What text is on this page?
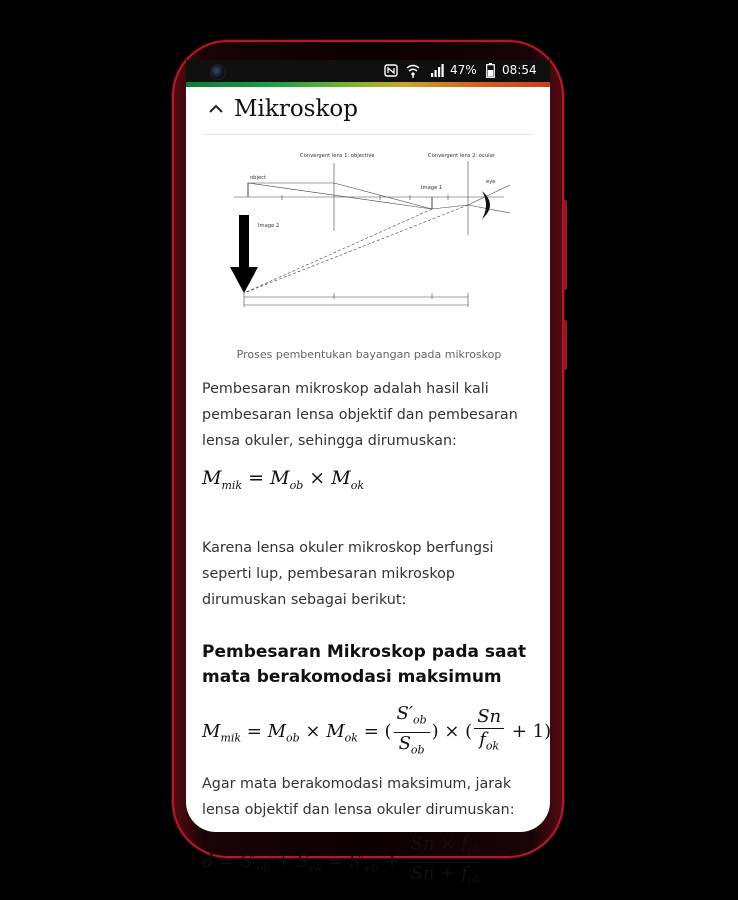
47% 08:54
Mikroskop
Convergent lens 1: objective	Convergent lens 2: ocular
object
Image 1
Image 2
eye
Proses pembentukan bayangan pada mikroskop
Pembesaran mikroskop adalah hasil kali pembesaran lensa objektif dan pembesaran lensa okuler, sehingga dirumuskan:
$M_{mik} = M_{ob} \times M_{ok}$
Karena lensa okuler mikroskop berfungsi seperti lup, pembesaran mikroskop dirumuskan sebagai berikut:
Pembesaran Mikroskop pada saat mata berakomodasi maksimum
$M_{mik} = M_{ob} \times M_{ok}$ = ( $\frac{S'_{ob}}{S_{ob}}$ ) × ( $\frac{Sn}{f_{ok}} + 1$)
Agar mata berakomodasi maksimum, jarak lensa objektif dan lensa okuler dirumuskan:
$d = S'_{ob} + S_{ok} = S'_{ob} + \frac{Sn \times f_{ok}}{Sn + f_{ok}}$
